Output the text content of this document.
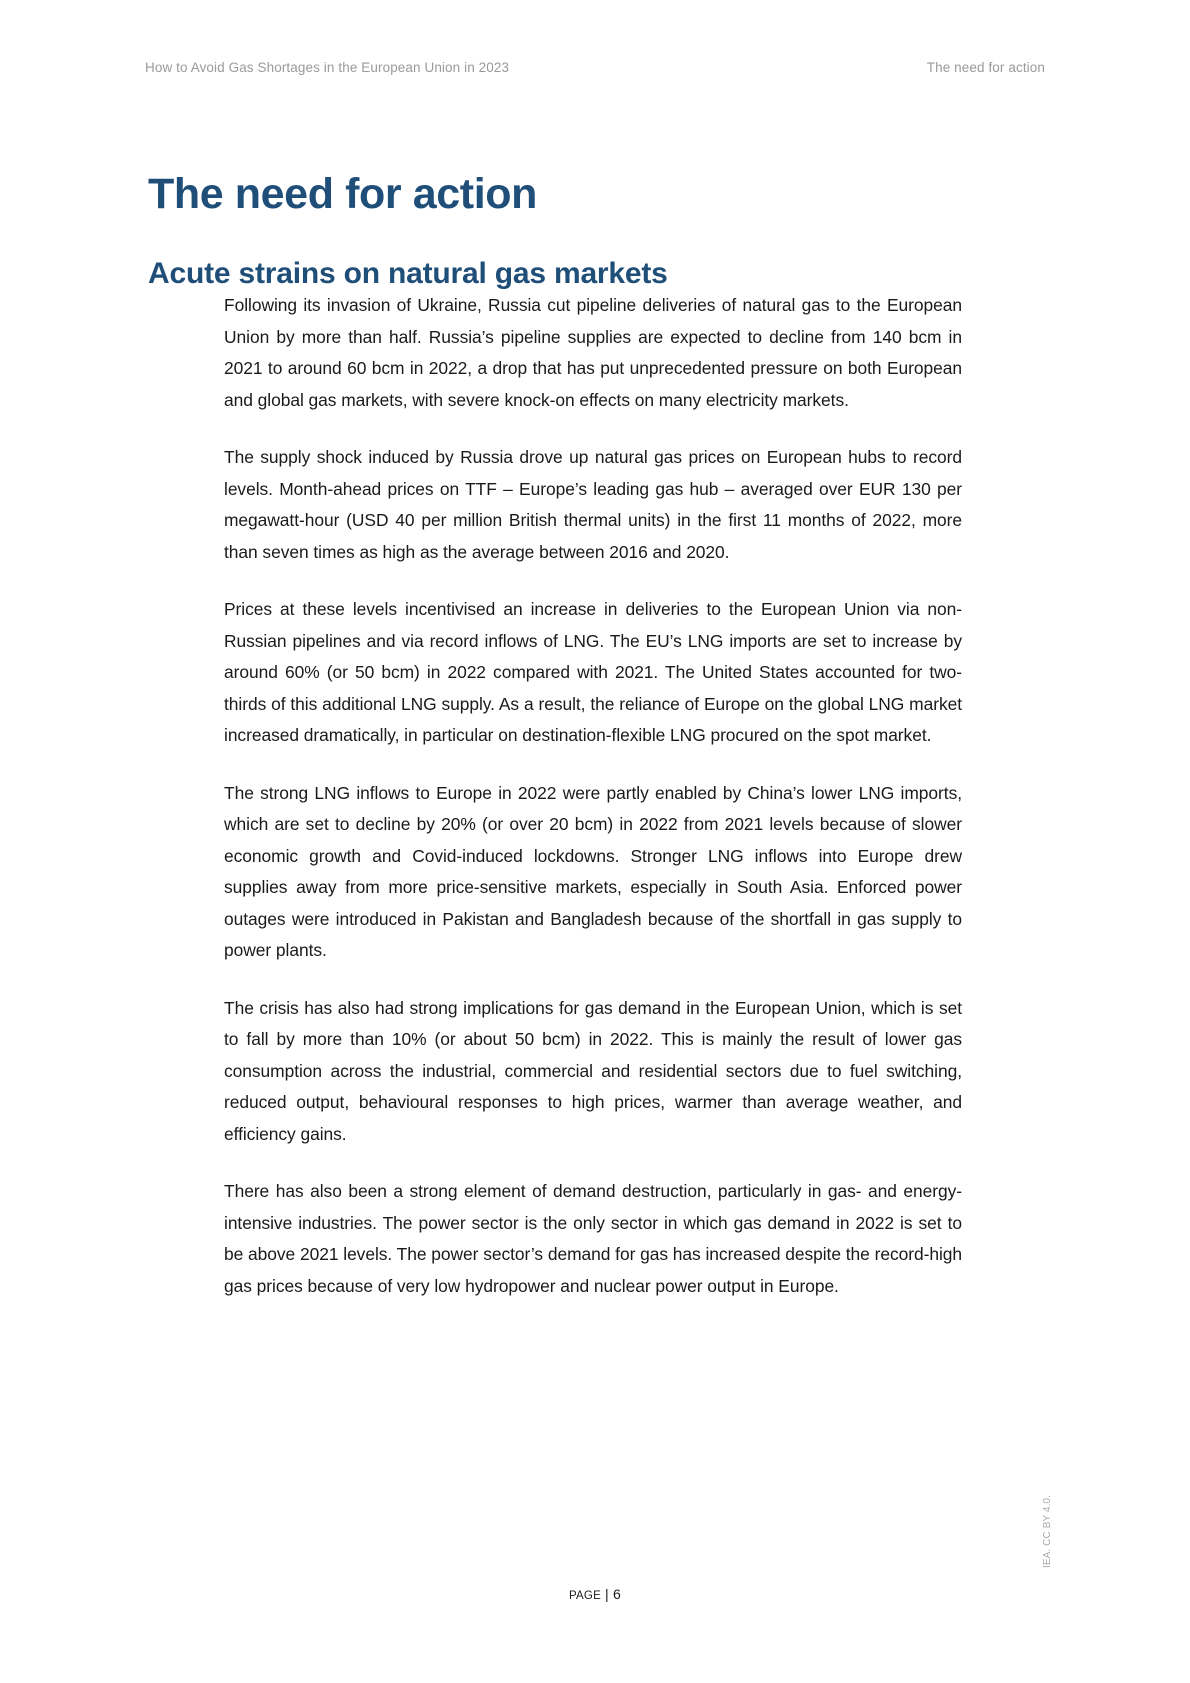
How to Avoid Gas Shortages in the European Union in 2023	The need for action
The need for action
Acute strains on natural gas markets

Following its invasion of Ukraine, Russia cut pipeline deliveries of natural gas to the European Union by more than half. Russia’s pipeline supplies are expected to decline from 140 bcm in 2021 to around 60 bcm in 2022, a drop that has put unprecedented pressure on both European and global gas markets, with severe knock-on effects on many electricity markets.

The supply shock induced by Russia drove up natural gas prices on European hubs to record levels. Month-ahead prices on TTF – Europe’s leading gas hub – averaged over EUR 130 per megawatt-hour (USD 40 per million British thermal units) in the first 11 months of 2022, more than seven times as high as the average between 2016 and 2020.

Prices at these levels incentivised an increase in deliveries to the European Union via non-Russian pipelines and via record inflows of LNG. The EU’s LNG imports are set to increase by around 60% (or 50 bcm) in 2022 compared with 2021. The United States accounted for two-thirds of this additional LNG supply. As a result, the reliance of Europe on the global LNG market increased dramatically, in particular on destination-flexible LNG procured on the spot market.

The strong LNG inflows to Europe in 2022 were partly enabled by China’s lower LNG imports, which are set to decline by 20% (or over 20 bcm) in 2022 from 2021 levels because of slower economic growth and Covid-induced lockdowns. Stronger LNG inflows into Europe drew supplies away from more price-sensitive markets, especially in South Asia. Enforced power outages were introduced in Pakistan and Bangladesh because of the shortfall in gas supply to power plants.

The crisis has also had strong implications for gas demand in the European Union, which is set to fall by more than 10% (or about 50 bcm) in 2022. This is mainly the result of lower gas consumption across the industrial, commercial and residential sectors due to fuel switching, reduced output, behavioural responses to high prices, warmer than average weather, and efficiency gains.

There has also been a strong element of demand destruction, particularly in gas- and energy-intensive industries. The power sector is the only sector in which gas demand in 2022 is set to be above 2021 levels. The power sector’s demand for gas has increased despite the record-high gas prices because of very low hydropower and nuclear power output in Europe.

PAGE | 6
IEA. CC BY 4.0.
